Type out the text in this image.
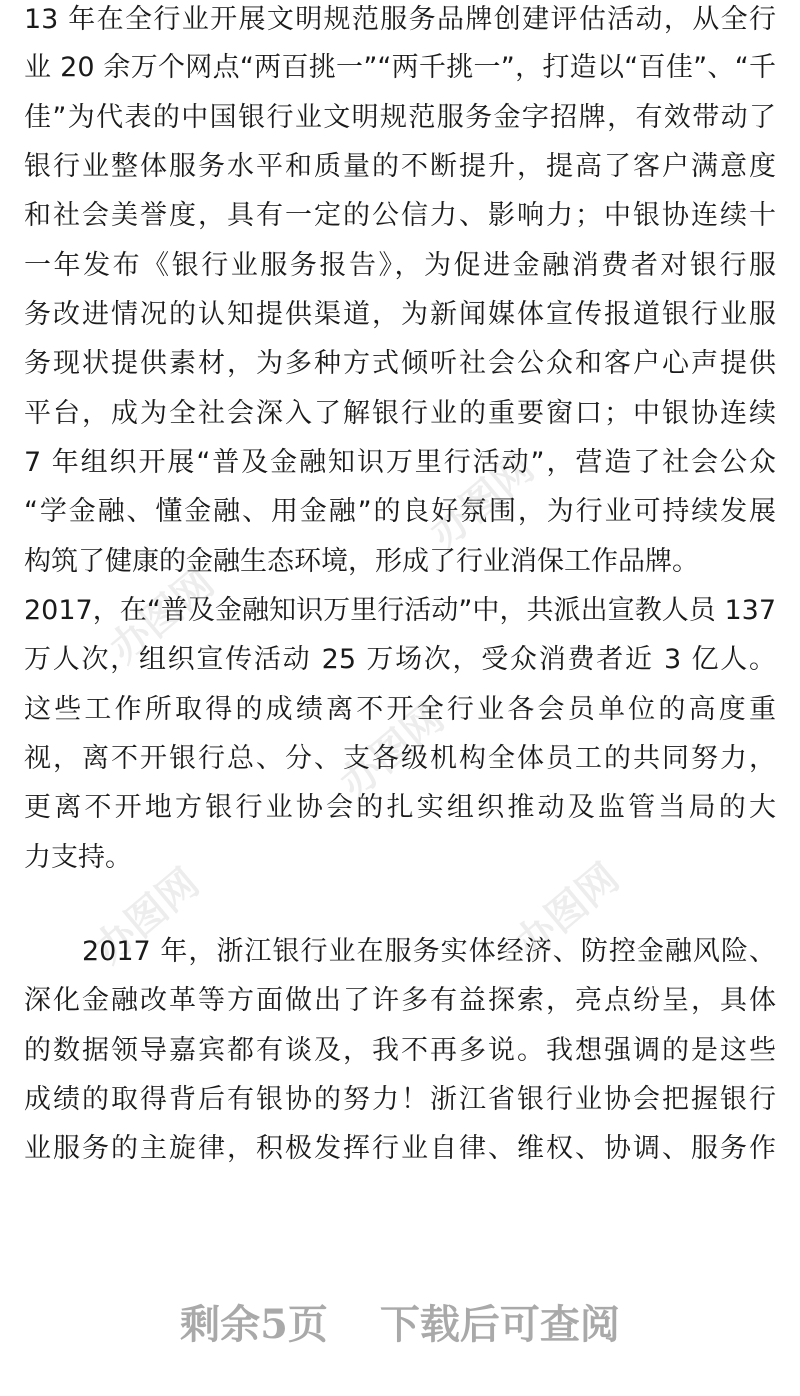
13 年在全行业开展文明规范服务品牌创建评估活动，从全行
业 20 余万个网点“两百挑一”“两千挑一”，打造以“百佳”、“千
佳”为代表的中国银行业文明规范服务金字招牌，有效带动了
银行业整体服务水平和质量的不断提升，提高了客户满意度
和社会美誉度，具有一定的公信力、影响力；中银协连续十
一年发布《银行业服务报告》，为促进金融消费者对银行服
务改进情况的认知提供渠道，为新闻媒体宣传报道银行业服
务现状提供素材，为多种方式倾听社会公众和客户心声提供
平台，成为全社会深入了解银行业的重要窗口；中银协连续
7 年组织开展“普及金融知识万里行活动”，营造了社会公众
“学金融、懂金融、用金融”的良好氛围，为行业可持续发展
构筑了健康的金融生态环境，形成了行业消保工作品牌。
2017，在“普及金融知识万里行活动”中，共派出宣教人员 137
万人次，组织宣传活动 25 万场次，受众消费者近 3 亿人。
这些工作所取得的成绩离不开全行业各会员单位的高度重
视，离不开银行总、分、支各级机构全体员工的共同努力，
更离不开地方银行业协会的扎实组织推动及监管当局的大
力支持。
2017 年，浙江银行业在服务实体经济、防控金融风险、
深化金融改革等方面做出了许多有益探索，亮点纷呈，具体
的数据领导嘉宾都有谈及，我不再多说。我想强调的是这些
成绩的取得背后有银协的努力！浙江省银行业协会把握银行
业服务的主旋律，积极发挥行业自律、维权、协调、服务作
办图网
办图网
办图网
办图网	办图网
剩余5页 下载后可查阅
